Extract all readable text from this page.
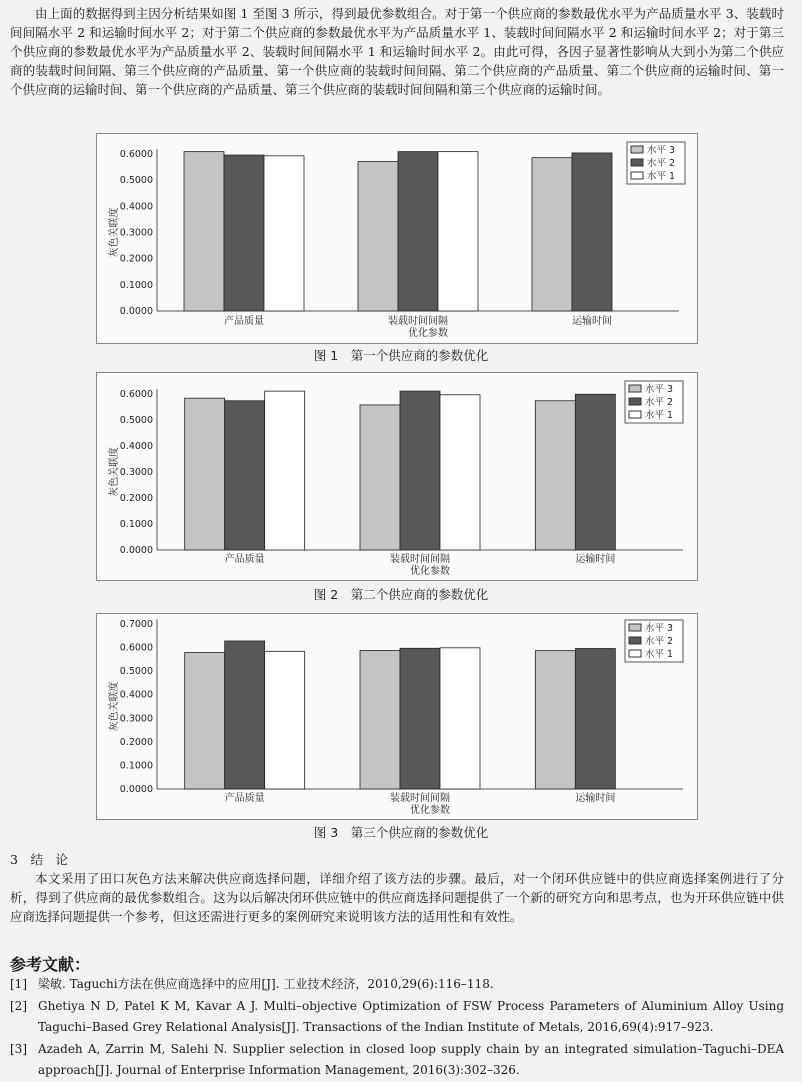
由上面的数据得到主因分析结果如图 1 至图 3 所示，得到最优参数组合。对于第一个供应商的参数最优水平为产品质量水平 3、装载时间间隔水平 2 和运输时间水平 2；对于第二个供应商的参数最优水平为产品质量水平 1、装载时间间隔水平 2 和运输时间水平 2；对于第三个供应商的参数最优水平为产品质量水平 2、装载时间间隔水平 1 和运输时间水平 2。由此可得，各因子显著性影响从大到小为第二个供应商的装载时间间隔、第三个供应商的产品质量、第一个供应商的装载时间间隔、第二个供应商的产品质量、第二个供应商的运输时间、第一个供应商的运输时间、第一个供应商的产品质量、第三个供应商的装载时间间隔和第三个供应商的运输时间。

0.0000
0.1000
0.2000
0.3000
0.4000
0.5000
0.6000
灰色关联度
产品质量	装载时间间隔	运输时间
优化参数
水平 3
水平 2
水平 1

图 1　第一个供应商的参数优化

0.0000
0.1000
0.2000
0.3000
0.4000
0.5000
0.6000
灰色关联度
产品质量	装载时间间隔	运输时间
优化参数
水平 3
水平 2
水平 1

图 2　第二个供应商的参数优化

0.0000
0.1000
0.2000
0.3000
0.4000
0.5000
0.6000
0.7000
灰色关联度
产品质量	装载时间间隔	运输时间
优化参数
水平 3
水平 2
水平 1

图 3　第三个供应商的参数优化

3　结　论

本文采用了田口灰色方法来解决供应商选择问题，详细介绍了该方法的步骤。最后，对一个闭环供应链中的供应商选择案例进行了分析，得到了供应商的最优参数组合。这为以后解决闭环供应链中的供应商选择问题提供了一个新的研究方向和思考点，也为开环供应链中供应商选择问题提供一个参考，但这还需进行更多的案例研究来说明该方法的适用性和有效性。

参考文献：

[1] 梁敏. Taguchi方法在供应商选择中的应用[J]. 工业技术经济，2010,29(6):116–118.

[2] Ghetiya N D, Patel K M, Kavar A J. Multi–objective Optimization of FSW Process Parameters of Aluminium Alloy Using Taguchi–Based Grey Relational Analysis[J]. Transactions of the Indian Institute of Metals, 2016,69(4):917–923.

[3] Azadeh A, Zarrin M, Salehi N. Supplier selection in closed loop supply chain by an integrated simulation–Taguchi–DEA approach[J]. Journal of Enterprise Information Management, 2016(3):302–326.
